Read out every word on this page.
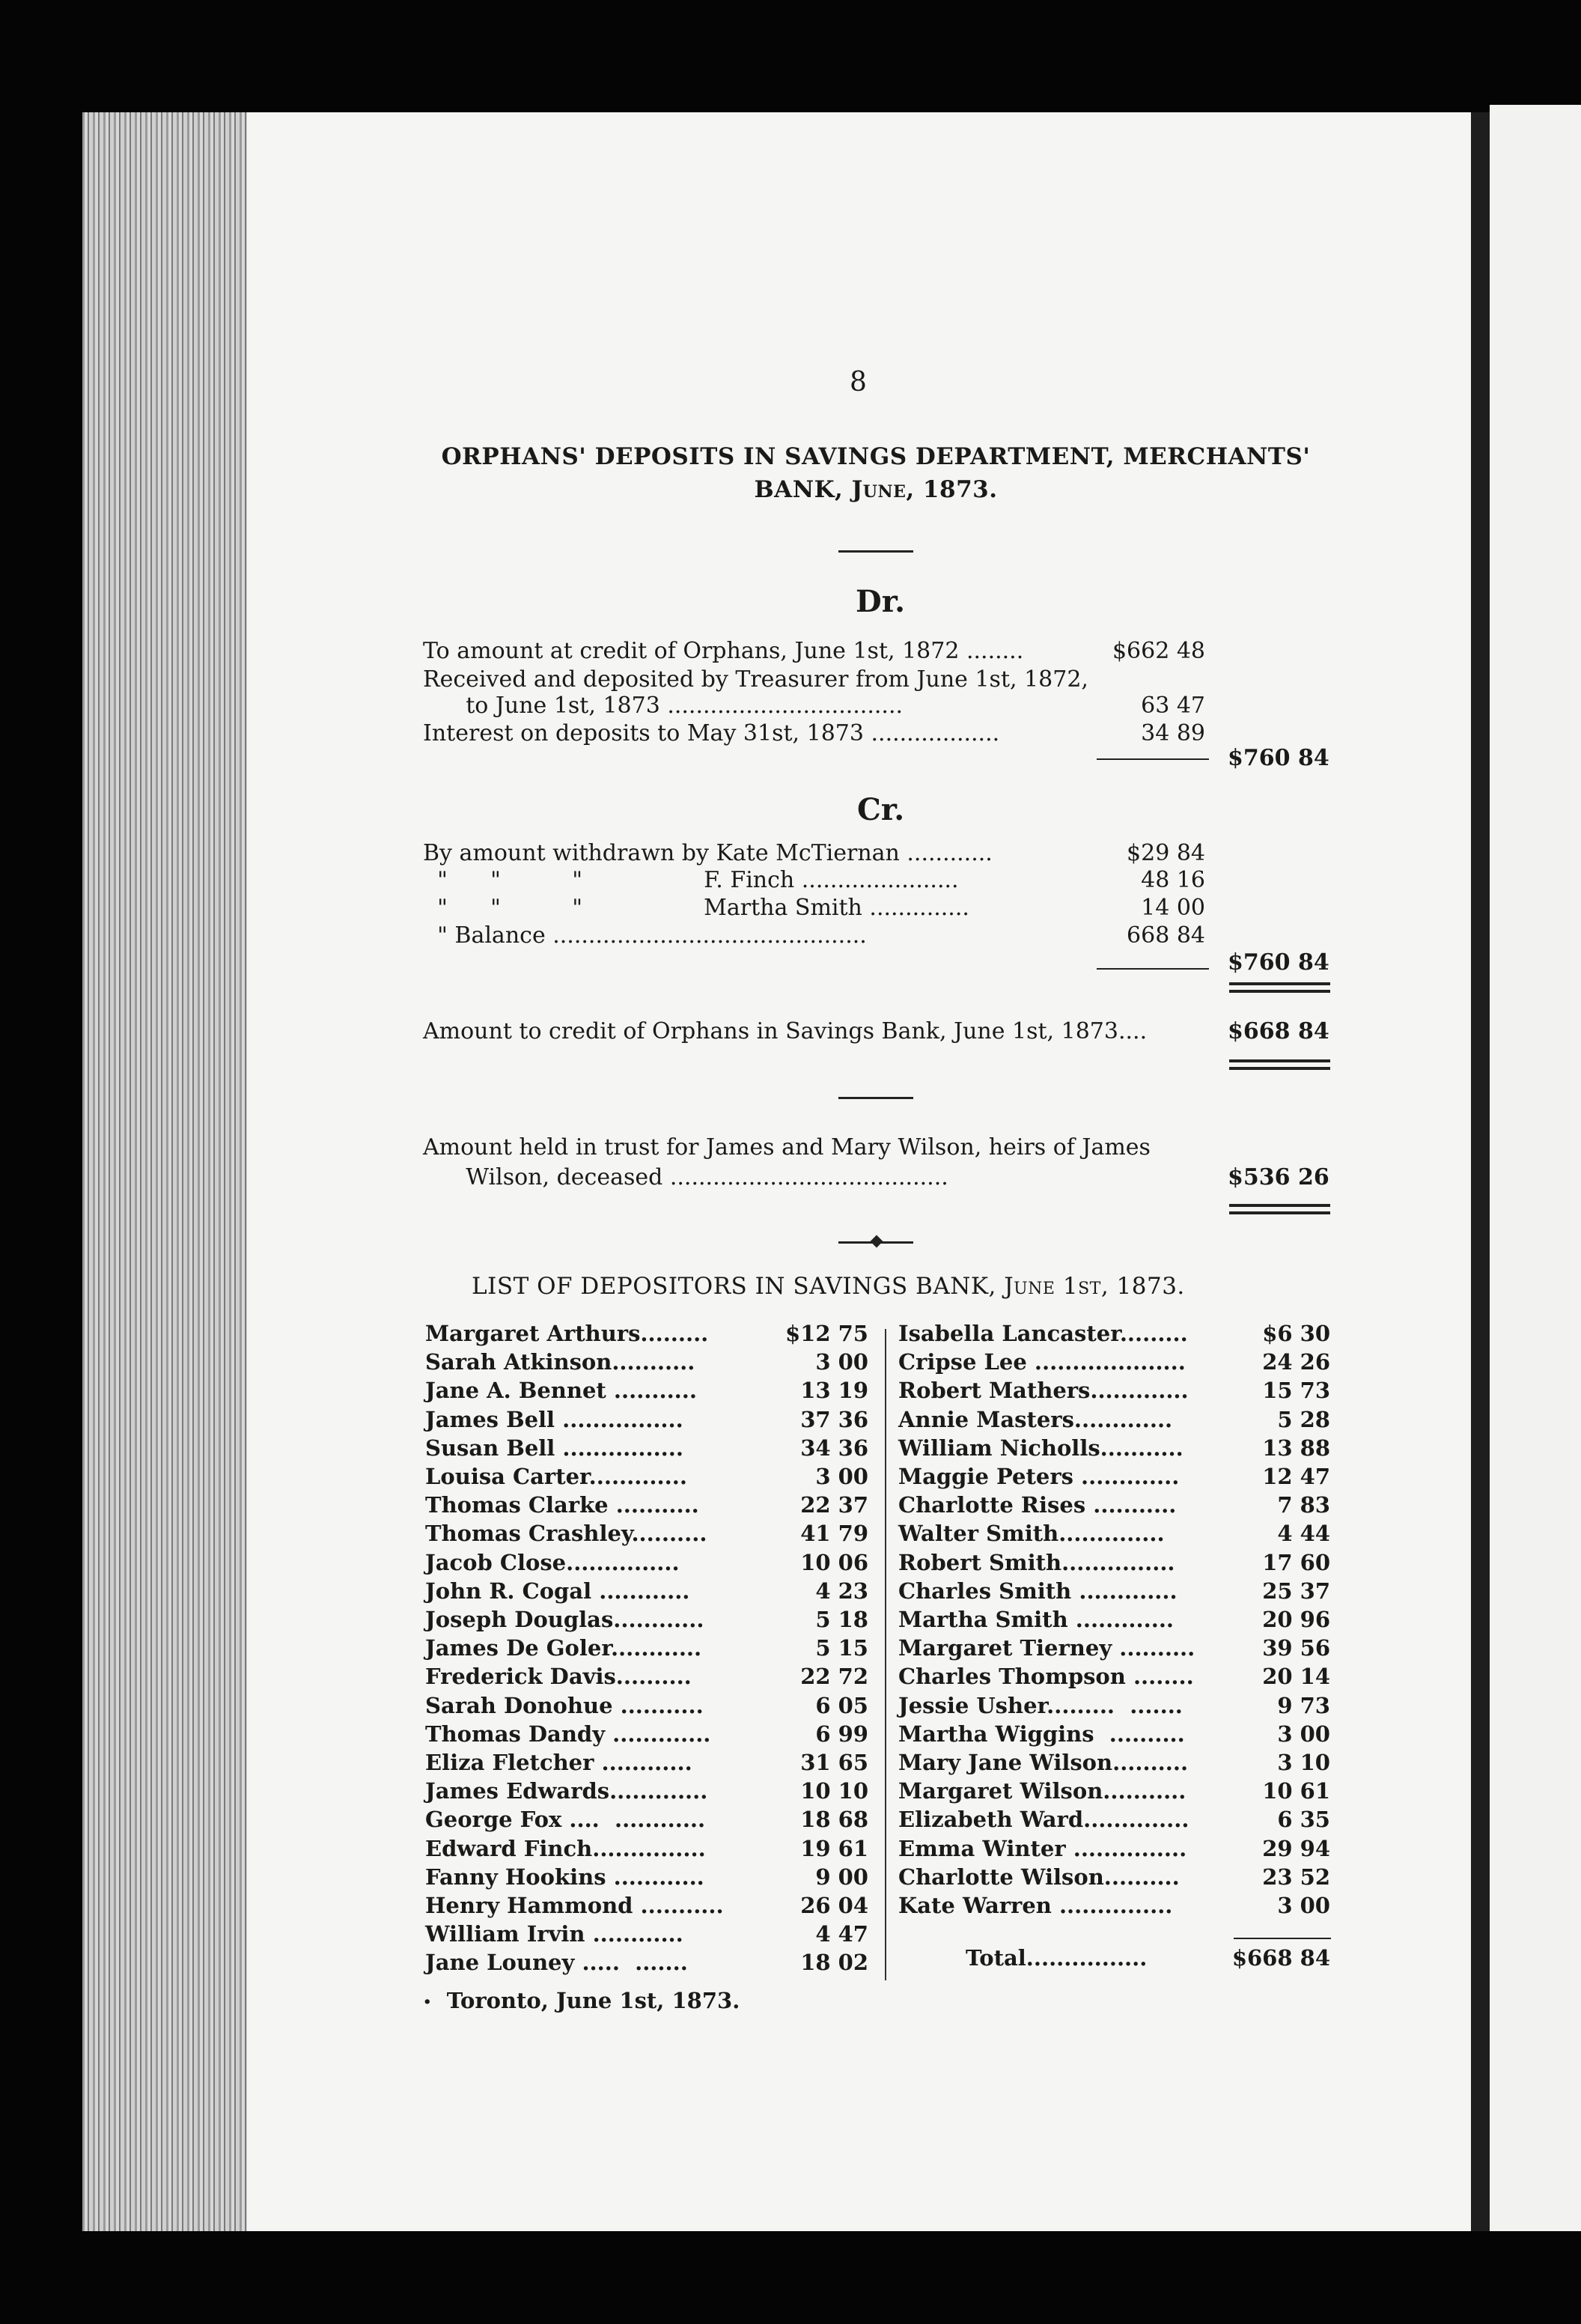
8
ORPHANS' DEPOSITS IN SAVINGS DEPARTMENT, MERCHANTS'
BANK, June, 1873.
Dr.
To amount at credit of Orphans, June 1st, 1872 ........	$662 48
Received and deposited by Treasurer from June 1st, 1872,
to June 1st, 1873 .................................	63 47
Interest on deposits to May 31st, 1873 ..................	34 89
$760 84
Cr.
By amount withdrawn by Kate McTiernan ............	$29 84
"      "          "                 F. Finch ......................	48 16
"      "          "                 Martha Smith ..............	14 00
" Balance ............................................	668 84
$760 84
Amount to credit of Orphans in Savings Bank, June 1st, 1873....	$668 84
Amount held in trust for James and Mary Wilson, heirs of James
Wilson, deceased .......................................	$536 26
LIST OF DEPOSITORS IN SAVINGS BANK, June 1st, 1873.
Margaret Arthurs.........	$12 75
Sarah Atkinson...........	3 00
Jane A. Bennet ...........	13 19
James Bell ................	37 36
Susan Bell ................	34 36
Louisa Carter.............	3 00
Thomas Clarke ...........	22 37
Thomas Crashley..........	41 79
Jacob Close...............	10 06
John R. Cogal ............	4 23
Joseph Douglas............	5 18
James De Goler............	5 15
Frederick Davis..........	22 72
Sarah Donohue ...........	6 05
Thomas Dandy .............	6 99
Eliza Fletcher ............	31 65
James Edwards.............	10 10
George Fox ....  ............	18 68
Edward Finch...............	19 61
Fanny Hookins ............	9 00
Henry Hammond ...........	26 04
William Irvin ............	4 47
Jane Louney .....  .......	18 02
Isabella Lancaster.........	$6 30
Cripse Lee ....................	24 26
Robert Mathers.............	15 73
Annie Masters.............	5 28
William Nicholls...........	13 88
Maggie Peters .............	12 47
Charlotte Rises ...........	7 83
Walter Smith..............	4 44
Robert Smith...............	17 60
Charles Smith .............	25 37
Martha Smith .............	20 96
Margaret Tierney ..........	39 56
Charles Thompson ........	20 14
Jessie Usher.........  .......	9 73
Martha Wiggins  ..........	3 00
Mary Jane Wilson..........	3 10
Margaret Wilson...........	10 61
Elizabeth Ward..............	6 35
Emma Winter ...............	29 94
Charlotte Wilson..........	23 52
Kate Warren ...............	3 00
Total................	$668 84
• Toronto, June 1st, 1873.
